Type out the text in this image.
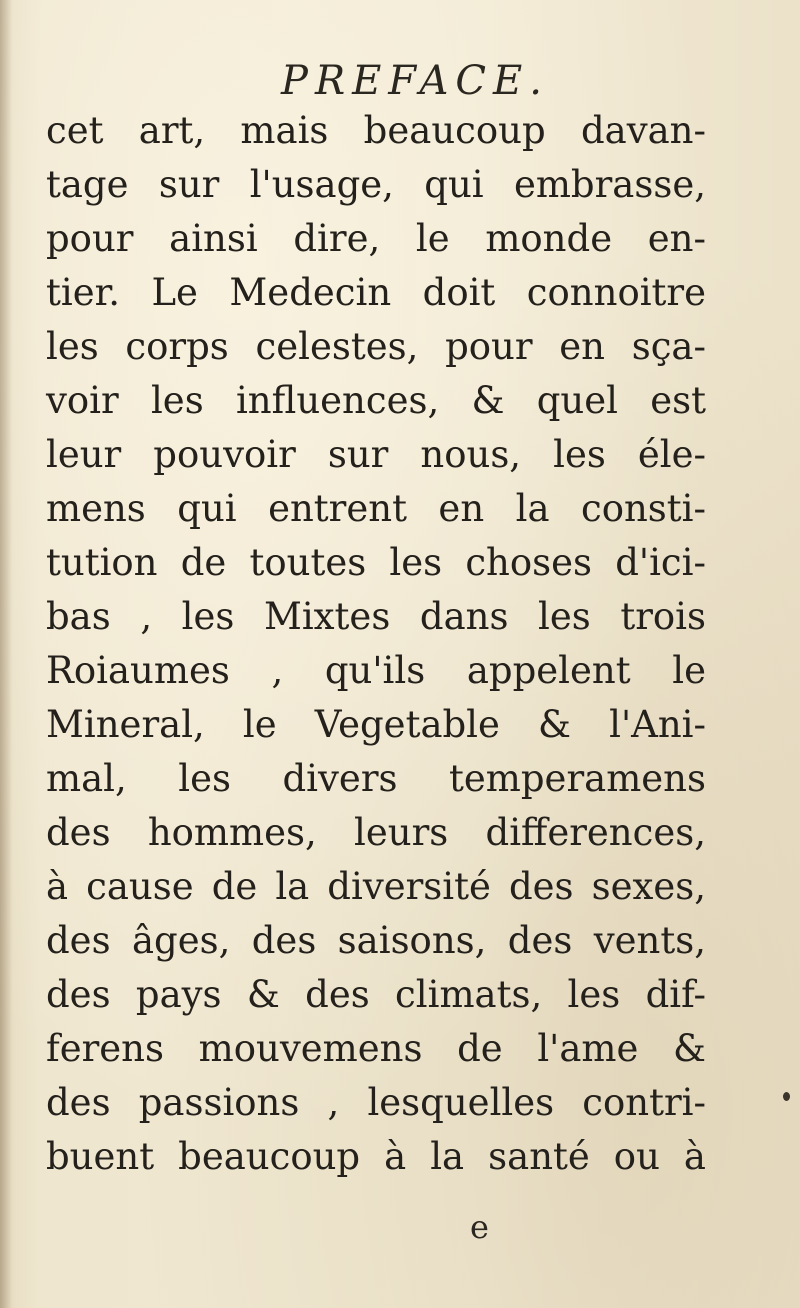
PREFACE.
cet art, mais beaucoup davan-
tage sur l'usage, qui embrasse,
pour ainsi dire, le monde en-
tier. Le Medecin doit connoitre
les corps celestes, pour en sça-
voir les influences, & quel est
leur pouvoir sur nous, les éle-
mens qui entrent en la consti-
tution de toutes les choses d'ici-
bas , les Mixtes dans les trois
Roiaumes , qu'ils appelent le
Mineral, le Vegetable & l'Ani-
mal, les divers temperamens
des hommes, leurs differences,
à cause de la diversité des sexes,
des âges, des saisons, des vents,
des pays & des climats, les dif-
ferens mouvemens de l'ame &
des passions , lesquelles contri-
buent beaucoup à la santé ou à
e
